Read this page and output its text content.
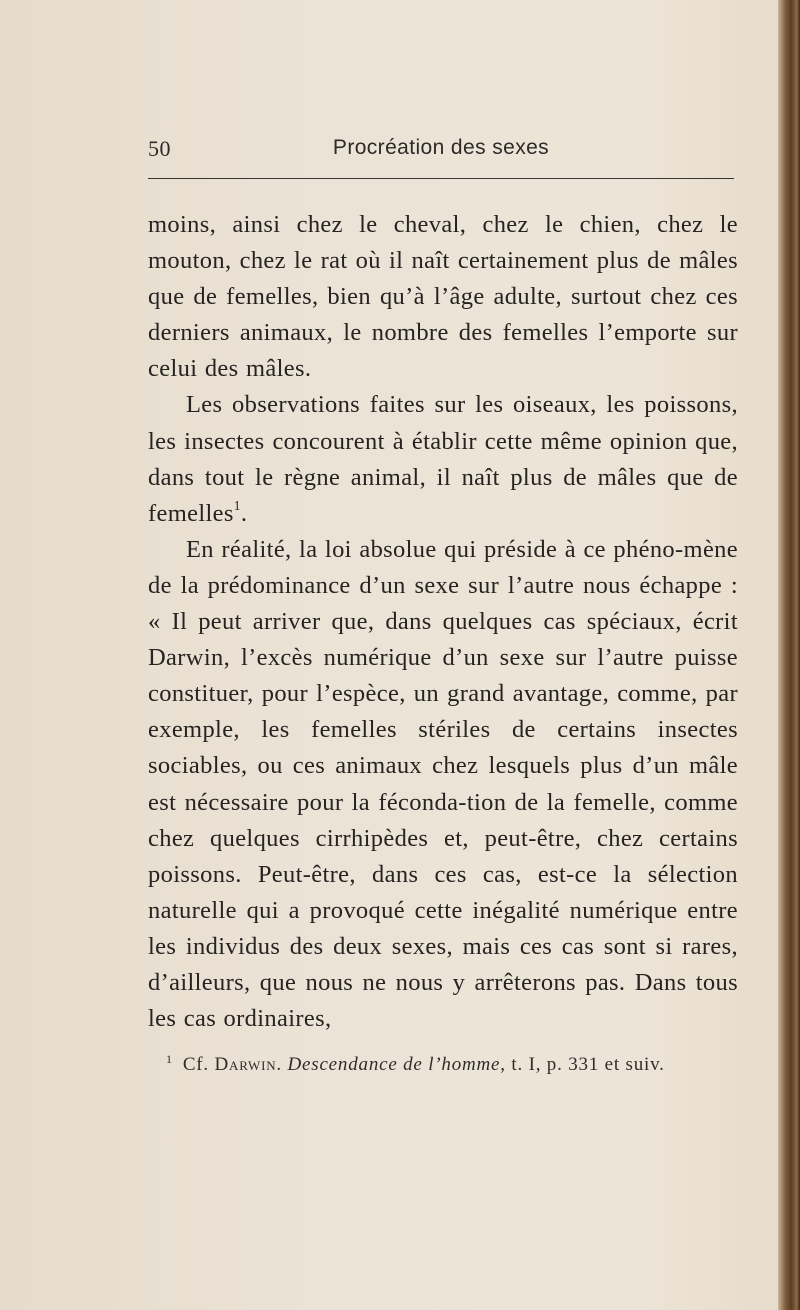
50	Procréation des sexes

moins, ainsi chez le cheval, chez le chien, chez le mouton, chez le rat où il naît certainement plus de mâles que de femelles, bien qu’à l’âge adulte, surtout chez ces derniers animaux, le nombre des femelles l’emporte sur celui des mâles.

Les observations faites sur les oiseaux, les poissons, les insectes concourent à établir cette même opinion que, dans tout le règne animal, il naît plus de mâles que de femelles$^1$.

En réalité, la loi absolue qui préside à ce phéno-mène de la prédominance d’un sexe sur l’autre nous échappe : « Il peut arriver que, dans quelques cas spéciaux, écrit Darwin, l’excès numérique d’un sexe sur l’autre puisse constituer, pour l’espèce, un grand avantage, comme, par exemple, les femelles stériles de certains insectes sociables, ou ces animaux chez lesquels plus d’un mâle est nécessaire pour la féconda-tion de la femelle, comme chez quelques cirrhipèdes et, peut-être, chez certains poissons. Peut-être, dans ces cas, est-ce la sélection naturelle qui a provoqué cette inégalité numérique entre les individus des deux sexes, mais ces cas sont si rares, d’ailleurs, que nous ne nous y arrêterons pas. Dans tous les cas ordinaires,

$^1$ Cf. Darwin. Descendance de l’homme, t. I, p. 331 et suiv.
